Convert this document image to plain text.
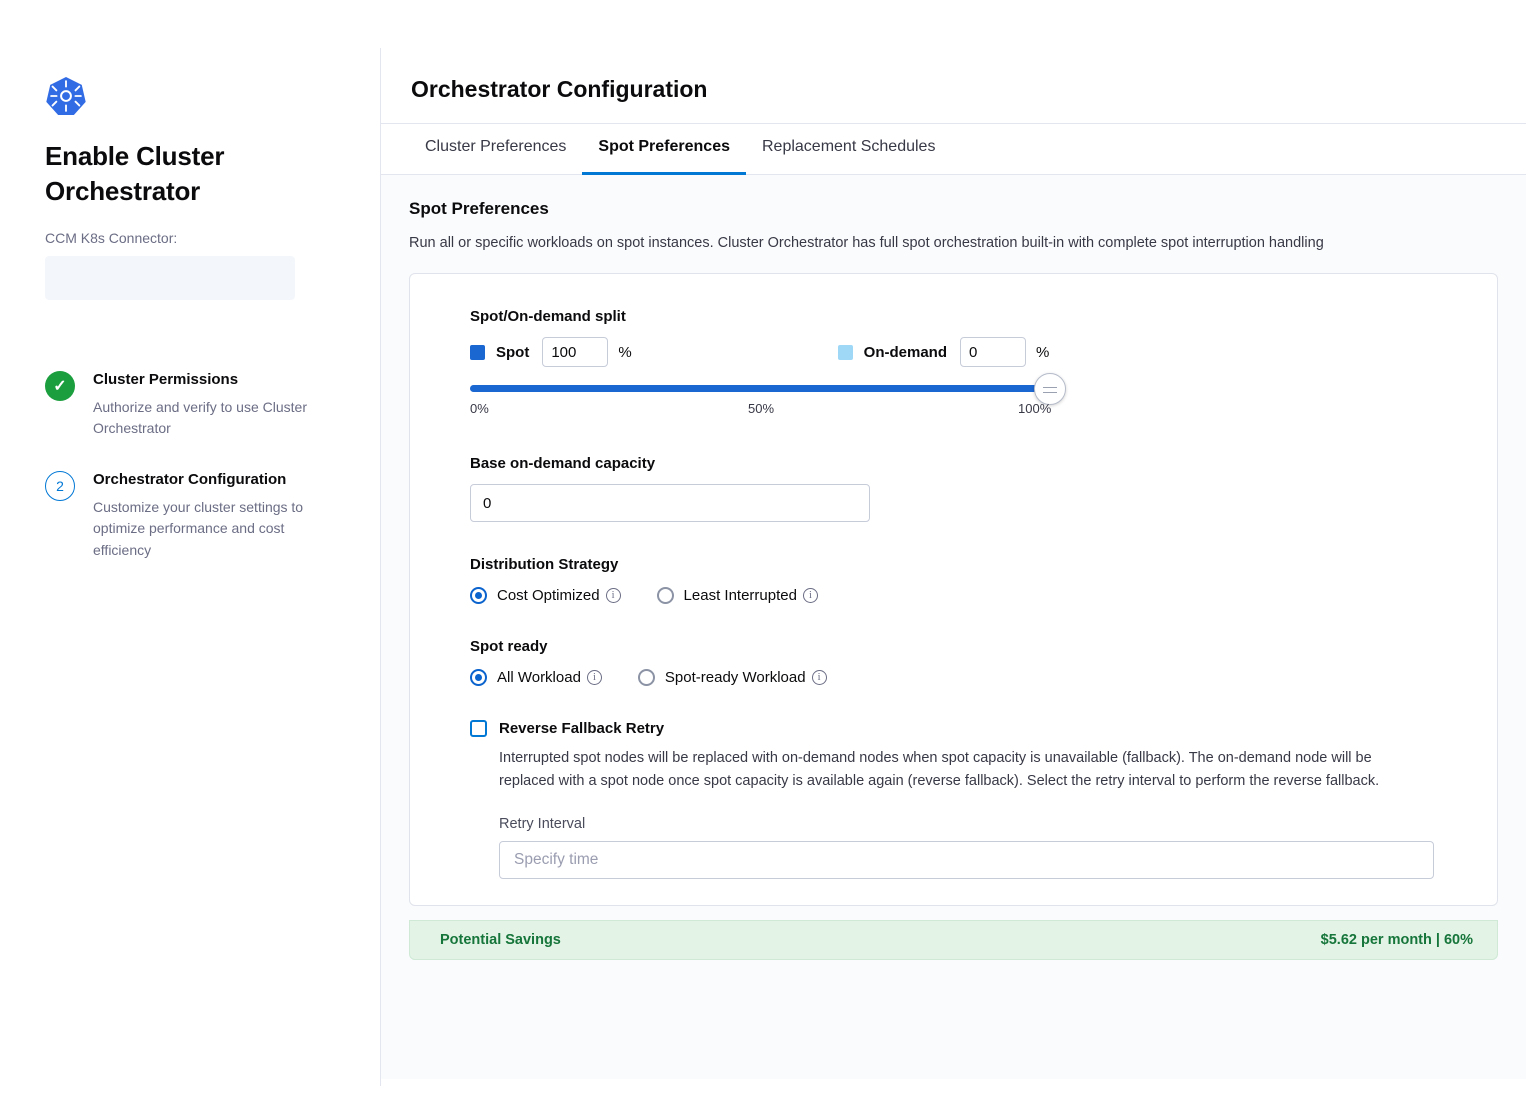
Enable Cluster Orchestrator
CCM K8s Connector:
✓	Cluster Permissions
Authorize and verify to use Cluster Orchestrator
2	Orchestrator Configuration
Customize your cluster settings to optimize performance and cost efficiency
Orchestrator Configuration
Cluster Preferences	Spot Preferences	Replacement Schedules
Spot Preferences

Run all or specific workloads on spot instances. Cluster Orchestrator has full spot orchestration built-in with complete spot interruption handling

Spot/On-demand split
Spot
100	%	On-demand
0	%
0%	50%	100%
Base on-demand capacity
0
Distribution Strategy
Cost Optimized	i	Least Interrupted	i
Spot ready
All Workload	i	Spot-ready Workload	i
Reverse Fallback Retry
Interrupted spot nodes will be replaced with on-demand nodes when spot capacity is unavailable (fallback). The on-demand node will be replaced with a spot node once spot capacity is available again (reverse fallback). Select the retry interval to perform the reverse fallback.
Retry Interval
Specify time
Potential Savings	$5.62 per month | 60%
